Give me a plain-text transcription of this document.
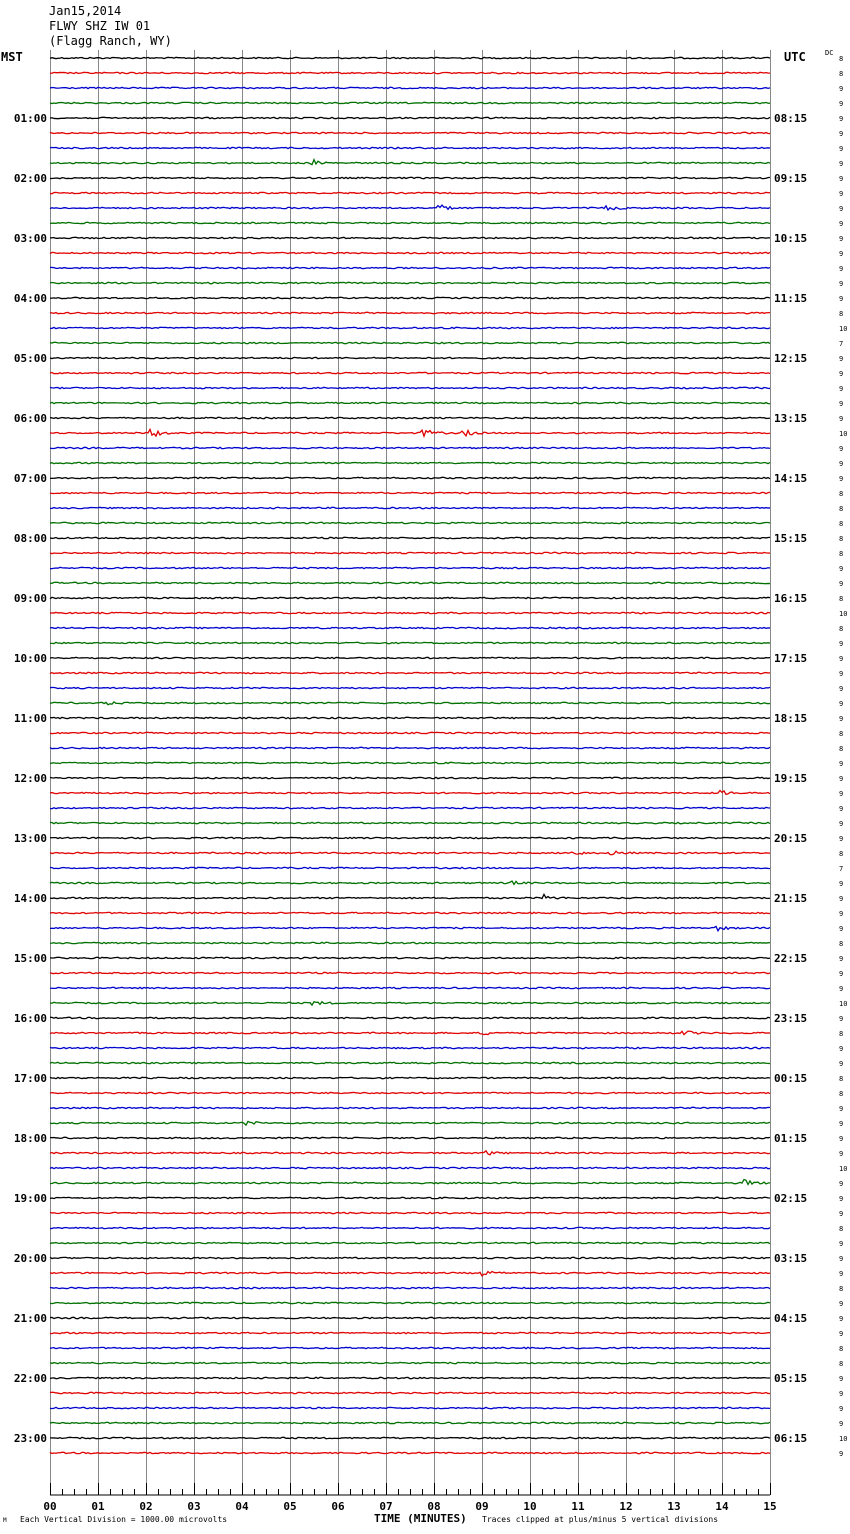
Jan15,2014
FLWY SHZ IW 01
(Flagg Ranch, WY)
MST	UTC	DC
01:00
02:00
03:00
04:00
05:00
06:00
07:00
08:00
09:00
10:00
11:00
12:00
13:00
14:00
15:00
16:00
17:00
18:00
19:00
20:00
21:00
22:00
23:00
08:15
09:15
10:15
11:15
12:15
13:15
14:15
15:15
16:15
17:15
18:15
19:15
20:15
21:15
22:15
23:15
00:15
01:15
02:15
03:15
04:15
05:15
06:15
8
8
9
9
9
9
9
9
9
9
9
9
9
9
9
9
9
8
10
7
9
9
9
9
9
10
9
9
9
8
8
8
8
8
9
9
8
10
8
9
9
9
9
9
9
8
8
9
9
9
9
9
9
8
7
9
9
9
9
8
9
9
9
10
9
8
9
9
8
8
9
9
9
9
10
9
9
9
8
9
9
9
8
9
9
9
8
8
9
9
9
9
10
9
00	01	02	03	04	05	06	07	08	09	10	11	12	13	14	15
M Each Vertical Division = 1000.00 microvolts	TIME (MINUTES) Traces clipped at plus/minus 5 vertical divisions
